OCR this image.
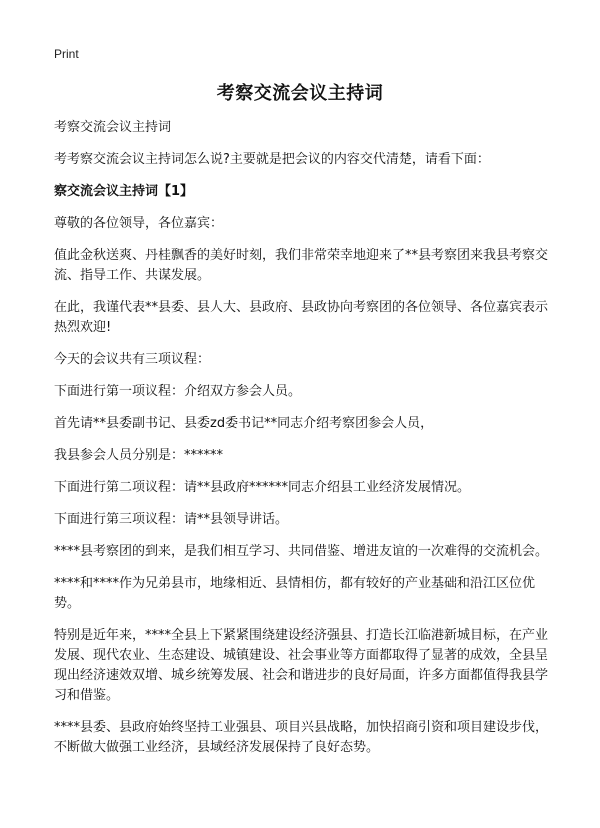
Print
考察交流会议主持词

考察交流会议主持词

考考察交流会议主持词怎么说?主要就是把会议的内容交代清楚，请看下面：

察交流会议主持词【1】

尊敬的各位领导，各位嘉宾：

值此金秋送爽、丹桂飘香的美好时刻，我们非常荣幸地迎来了**县考察团来我县考察交流、指导工作、共谋发展。

在此，我谨代表**县委、县人大、县政府、县政协向考察团的各位领导、各位嘉宾表示热烈欢迎!

今天的会议共有三项议程：

下面进行第一项议程：介绍双方参会人员。

首先请**县委副书记、县委zd委书记**同志介绍考察团参会人员，

我县参会人员分别是：******

下面进行第二项议程：请**县政府******同志介绍县工业经济发展情况。

下面进行第三项议程：请**县领导讲话。

****县考察团的到来，是我们相互学习、共同借鉴、增进友谊的一次难得的交流机会。

****和****作为兄弟县市，地缘相近、县情相仿，都有较好的产业基础和沿江区位优势。

特别是近年来，****全县上下紧紧围绕建设经济强县、打造长江临港新城目标，在产业发展、现代农业、生态建设、城镇建设、社会事业等方面都取得了显著的成效，全县呈现出经济速效双增、城乡统筹发展、社会和谐进步的良好局面，许多方面都值得我县学习和借鉴。

****县委、县政府始终坚持工业强县、项目兴县战略，加快招商引资和项目建设步伐，不断做大做强工业经济，县域经济发展保持了良好态势。
